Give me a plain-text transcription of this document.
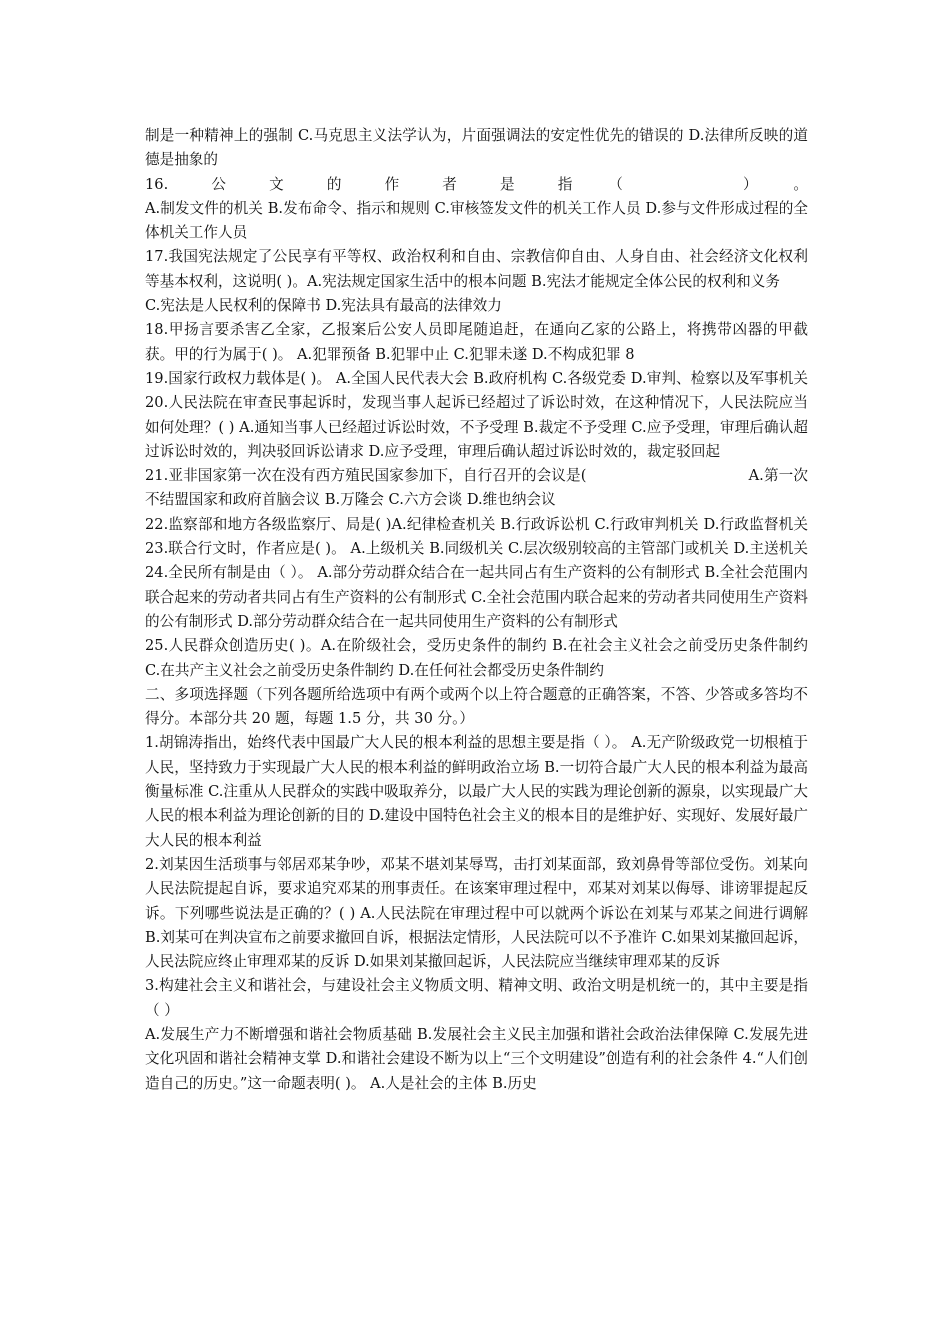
制是一种精神上的强制 C.马克思主义法学认为，片面强调法的安定性优先的错误的 D.法律所反映的道德是抽象的

16.　　公　　文　　的　　作　　者　　是　　指　　（　　　　　　）　　。

A.制发文件的机关 B.发布命令、指示和规则 C.审核签发文件的机关工作人员 D.参与文件形成过程的全体机关工作人员

17.我国宪法规定了公民享有平等权、政治权利和自由、宗教信仰自由、人身自由、社会经济文化权利等基本权利，这说明( )。A.宪法规定国家生活中的根本问题 B.宪法才能规定全体公民的权利和义务

C.宪法是人民权利的保障书 D.宪法具有最高的法律效力

18.甲扬言要杀害乙全家，乙报案后公安人员即尾随追赶，在通向乙家的公路上，将携带凶器的甲截获。甲的行为属于( )。 A.犯罪预备 B.犯罪中止 C.犯罪未遂 D.不构成犯罪 8

19.国家行政权力载体是( )。 A.全国人民代表大会 B.政府机构 C.各级党委 D.审判、检察以及军事机关 20.人民法院在审查民事起诉时，发现当事人起诉已经超过了诉讼时效，在这种情况下，人民法院应当如何处理？( ) A.通知当事人已经超过诉讼时效，不予受理 B.裁定不予受理 C.应予受理，审理后确认超过诉讼时效的，判决驳回诉讼请求 D.应予受理，审理后确认超过诉讼时效的，裁定驳回起

21.亚非国家第一次在没有西方殖民国家参加下，自行召开的会议是(　　　　　　　　　　　A.第一次不结盟国家和政府首脑会议 B.万隆会 C.六方会谈 D.维也纳会议

22.监察部和地方各级监察厅、局是( )A.纪律检查机关 B.行政诉讼机 C.行政审判机关 D.行政监督机关 23.联合行文时，作者应是( )。 A.上级机关 B.同级机关 C.层次级别较高的主管部门或机关 D.主送机关 24.全民所有制是由（ ）。 A.部分劳动群众结合在一起共同占有生产资料的公有制形式 B.全社会范围内联合起来的劳动者共同占有生产资料的公有制形式 C.全社会范围内联合起来的劳动者共同使用生产资料的公有制形式 D.部分劳动群众结合在一起共同使用生产资料的公有制形式

25.人民群众创造历史( )。A.在阶级社会，受历史条件的制约 B.在社会主义社会之前受历史条件制约 C.在共产主义社会之前受历史条件制约 D.在任何社会都受历史条件制约

二、多项选择题（下列各题所给选项中有两个或两个以上符合题意的正确答案，不答、少答或多答均不得分。本部分共 20 题，每题 1.5 分，共 30 分。）

1.胡锦涛指出，始终代表中国最广大人民的根本利益的思想主要是指（ ）。 A.无产阶级政党一切根植于人民，坚持致力于实现最广大人民的根本利益的鲜明政治立场 B.一切符合最广大人民的根本利益为最高衡量标准 C.注重从人民群众的实践中吸取养分，以最广大人民的实践为理论创新的源泉，以实现最广大人民的根本利益为理论创新的目的 D.建设中国特色社会主义的根本目的是维护好、实现好、发展好最广大人民的根本利益

2.刘某因生活琐事与邻居邓某争吵，邓某不堪刘某辱骂，击打刘某面部，致刘鼻骨等部位受伤。刘某向人民法院提起自诉，要求追究邓某的刑事责任。在该案审理过程中，邓某对刘某以侮辱、诽谤罪提起反诉。下列哪些说法是正确的？( ) A.人民法院在审理过程中可以就两个诉讼在刘某与邓某之间进行调解 B.刘某可在判决宣布之前要求撤回自诉，根据法定情形，人民法院可以不予准许 C.如果刘某撤回起诉，人民法院应终止审理邓某的反诉 D.如果刘某撤回起诉，人民法院应当继续审理邓某的反诉

3.构建社会主义和谐社会，与建设社会主义物质文明、精神文明、政治文明是机统一的，其中主要是指（ ）

A.发展生产力不断增强和谐社会物质基础 B.发展社会主义民主加强和谐社会政治法律保障 C.发展先进文化巩固和谐社会精神支掌 D.和谐社会建设不断为以上“三个文明建设”创造有利的社会条件 4.“人们创造自己的历史。”这一命题表明( )。 A.人是社会的主体 B.历史
